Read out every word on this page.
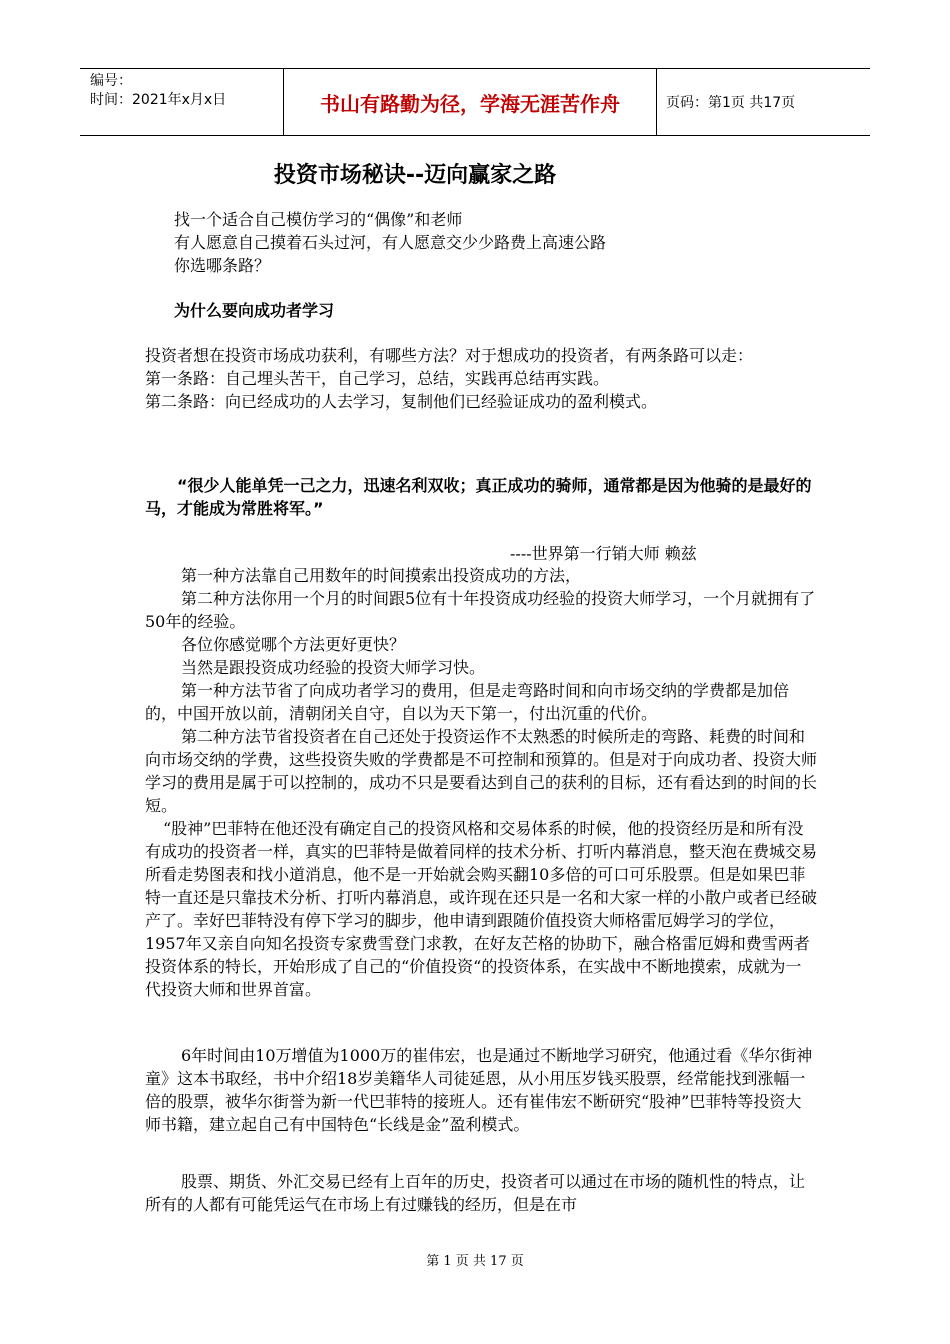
编号：
时间：2021年x月x日	书山有路勤为径，学海无涯苦作舟	页码：第1页 共17页
投资市场秘诀--迈向赢家之路
找一个适合自己模仿学习的“偶像”和老师
有人愿意自己摸着石头过河，有人愿意交少少路费上高速公路
你选哪条路？
为什么要向成功者学习

投资者想在投资市场成功获利，有哪些方法？对于想成功的投资者，有两条路可以走：

第一条路：自己埋头苦干，自己学习，总结，实践再总结再实践。

第二条路：向已经成功的人去学习，复制他们已经验证成功的盈利模式。

“很少人能单凭一己之力，迅速名利双收；真正成功的骑师，通常都是因为他骑的是最好的马，才能成为常胜将军。”

----世界第一行销大师 赖兹

第一种方法靠自己用数年的时间摸索出投资成功的方法，

第二种方法你用一个月的时间跟5位有十年投资成功经验的投资大师学习，一个月就拥有了50年的经验。

各位你感觉哪个方法更好更快？

当然是跟投资成功经验的投资大师学习快。

第一种方法节省了向成功者学习的费用，但是走弯路时间和向市场交纳的学费都是加倍的，中国开放以前，清朝闭关自守，自以为天下第一，付出沉重的代价。

第二种方法节省投资者在自己还处于投资运作不太熟悉的时候所走的弯路、耗费的时间和向市场交纳的学费，这些投资失败的学费都是不可控制和预算的。但是对于向成功者、投资大师学习的费用是属于可以控制的，成功不只是要看达到自己的获利的目标，还有看达到的时间的长短。

“股神”巴菲特在他还没有确定自己的投资风格和交易体系的时候，他的投资经历是和所有没有成功的投资者一样，真实的巴菲特是做着同样的技术分析、打听内幕消息，整天泡在费城交易所看走势图表和找小道消息，他不是一开始就会购买翻10多倍的可口可乐股票。但是如果巴菲特一直还是只靠技术分析、打听内幕消息，或许现在还只是一名和大家一样的小散户或者已经破产了。幸好巴菲特没有停下学习的脚步，他申请到跟随价值投资大师格雷厄姆学习的学位，1957年又亲自向知名投资专家费雪登门求教，在好友芒格的协助下，融合格雷厄姆和费雪两者投资体系的特长，开始形成了自己的“价值投资“的投资体系，在实战中不断地摸索，成就为一代投资大师和世界首富。

6年时间由10万增值为1000万的崔伟宏，也是通过不断地学习研究，他通过看《华尔街神童》这本书取经，书中介绍18岁美籍华人司徒延恩，从小用压岁钱买股票，经常能找到涨幅一倍的股票，被华尔街誉为新一代巴菲特的接班人。还有崔伟宏不断研究“股神”巴菲特等投资大师书籍，建立起自己有中国特色“长线是金”盈利模式。

股票、期货、外汇交易已经有上百年的历史，投资者可以通过在市场的随机性的特点，让所有的人都有可能凭运气在市场上有过赚钱的经历，但是在市

第 1 页 共 17 页
